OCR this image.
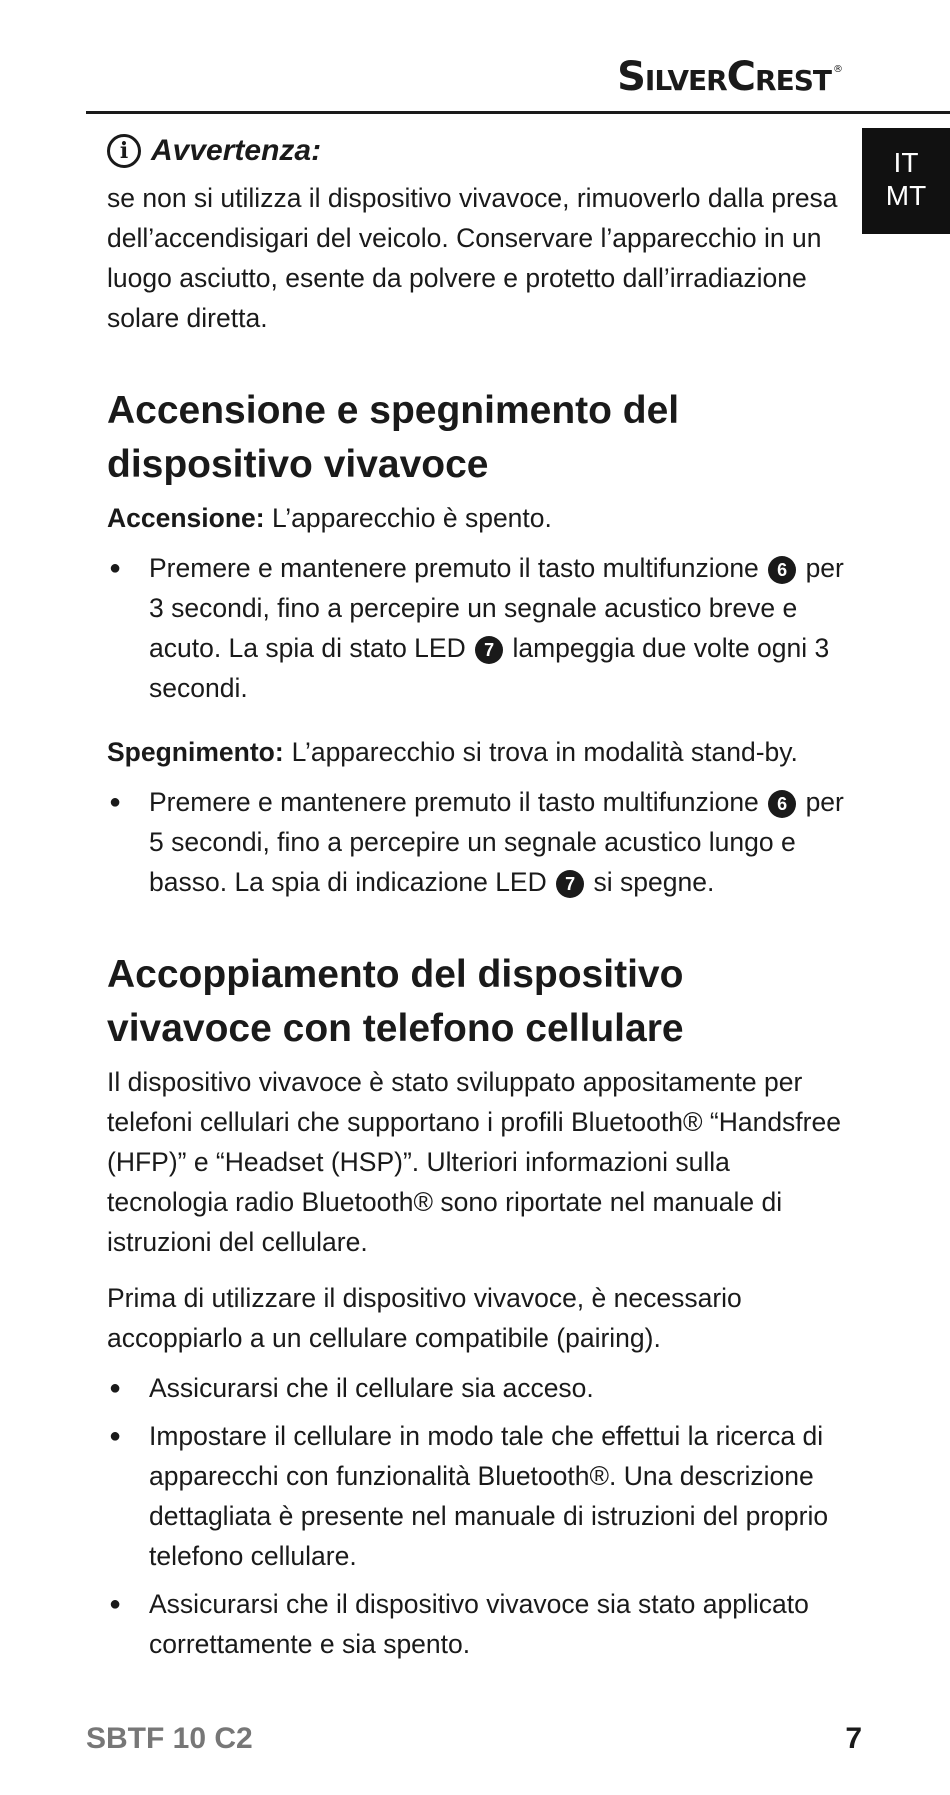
SilverCrest ®
IT
MT
i Avvertenza:

se non si utilizza il dispositivo vivavoce, rimuoverlo dalla presa dell’accendisigari del veicolo. Conservare l’apparecchio in un luogo asciutto, esente da polvere e protetto dall’irradiazione solare diretta.

Accensione e spegnimento del dispositivo vivavoce

Accensione: L’apparecchio è spento.

● Premere e mantenere premuto il tasto multifunzione 6 per 3 secondi, fino a percepire un segnale acustico breve e acuto. La spia di stato LED 7 lampeggia due volte ogni 3 secondi.
Spegnimento: L’apparecchio si trova in modalità stand-by.
● Premere e mantenere premuto il tasto multifunzione 6 per 5 secondi, fino a percepire un segnale acustico lungo e basso. La spia di indicazione LED 7 si spegne.
Accoppiamento del dispositivo vivavoce con telefono cellulare

Il dispositivo vivavoce è stato sviluppato appositamente per telefoni cellulari che supportano i profili Bluetooth® “Handsfree (HFP)” e “Headset (HSP)”. Ulteriori informazioni sulla tecnologia radio Bluetooth® sono riportate nel manuale di istruzioni del cellulare.

Prima di utilizzare il dispositivo vivavoce, è necessario accoppiarlo a un cellulare compatibile (pairing).

● Assicurarsi che il cellulare sia acceso.
● Impostare il cellulare in modo tale che effettui la ricerca di apparecchi con funzionalità Bluetooth®. Una descrizione dettagliata è presente nel manuale di istruzioni del proprio telefono cellulare.
● Assicurarsi che il dispositivo vivavoce sia stato applicato correttamente e sia spento.
SBTF 10 C2	7
